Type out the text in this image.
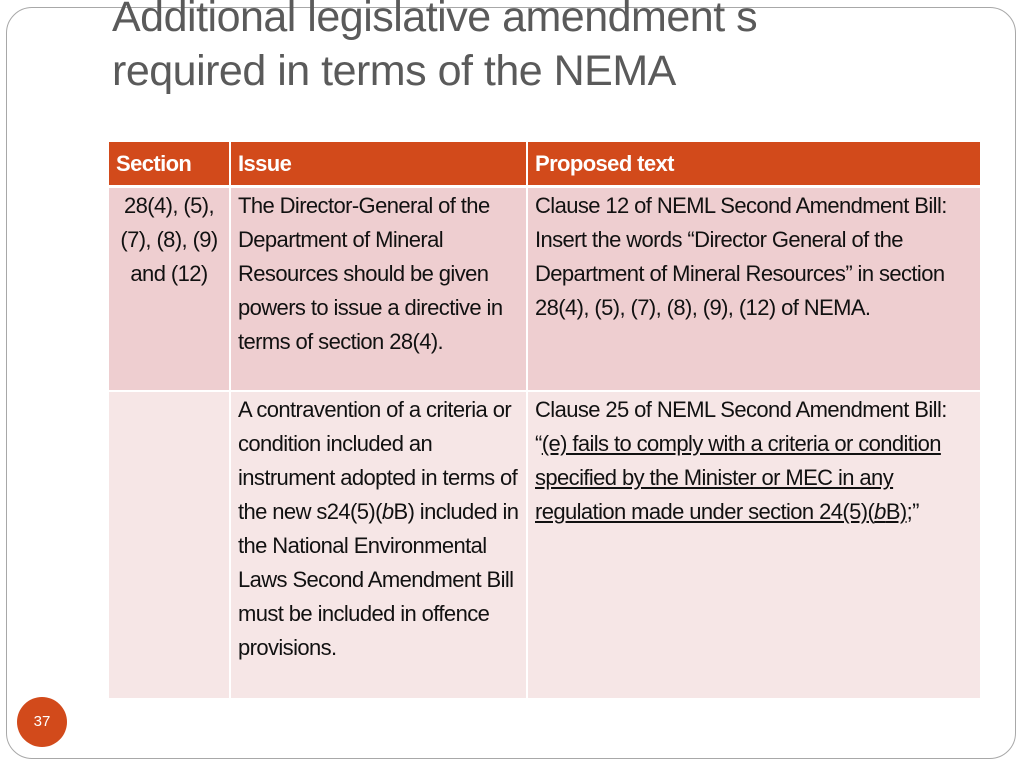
Additional legislative amendment s
required in terms of the NEMA
Section	Issue	Proposed text
28(4), (5), (7), (8), (9) and (12)	The Director-General of the Department of Mineral Resources should be given powers to issue a directive in terms of section 28(4).	Clause 12 of NEML Second Amendment Bill:
Insert the words “Director General of the Department of Mineral Resources” in section 28(4), (5), (7), (8), (9), (12) of NEMA.
	A contravention of a criteria or condition included an instrument adopted in terms of the new s24(5)(bB) included in the National Environmental Laws Second Amendment Bill must be included in offence provisions.	Clause 25 of NEML Second Amendment Bill:
“(e) fails to comply with a criteria or condition specified by the Minister or MEC in any regulation made under section 24(5)(bB);”
37
